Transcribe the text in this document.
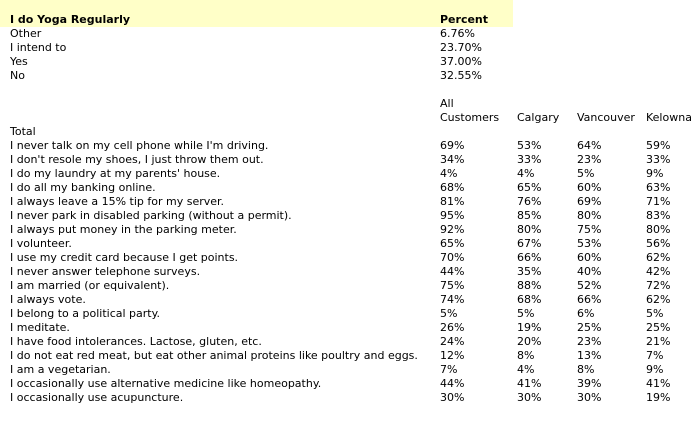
I do Yoga Regularly	Percent
Other	6.76%
I intend to	23.70%
Yes	37.00%
No	32.55%
All
Customers Calgary Vancouver Kelowna
Total
I never talk on my cell phone while I'm driving.	69%	53%	64%	59%
I don't resole my shoes, I just throw them out.	34%	33%	23%	33%
I do my laundry at my parents' house.	4%	4%	5%	9%
I do all my banking online.	68%	65%	60%	63%
I always leave a 15% tip for my server.	81%	76%	69%	71%
I never park in disabled parking (without a permit).	95%	85%	80%	83%
I always put money in the parking meter.	92%	80%	75%	80%
I volunteer.	65%	67%	53%	56%
I use my credit card because I get points.	70%	66%	60%	62%
I never answer telephone surveys.	44%	35%	40%	42%
I am married (or equivalent).	75%	88%	52%	72%
I always vote.	74%	68%	66%	62%
I belong to a political party.	5%	5%	6%	5%
I meditate.	26%	19%	25%	25%
I have food intolerances. Lactose, gluten, etc.	24%	20%	23%	21%
I do not eat red meat, but eat other animal proteins like poultry and eggs. 12%	8%	13%	7%
I am a vegetarian.	7%	4%	8%	9%
I occasionally use alternative medicine like homeopathy.	44%	41%	39%	41%
I occasionally use acupuncture.	30%	30%	30%	19%
